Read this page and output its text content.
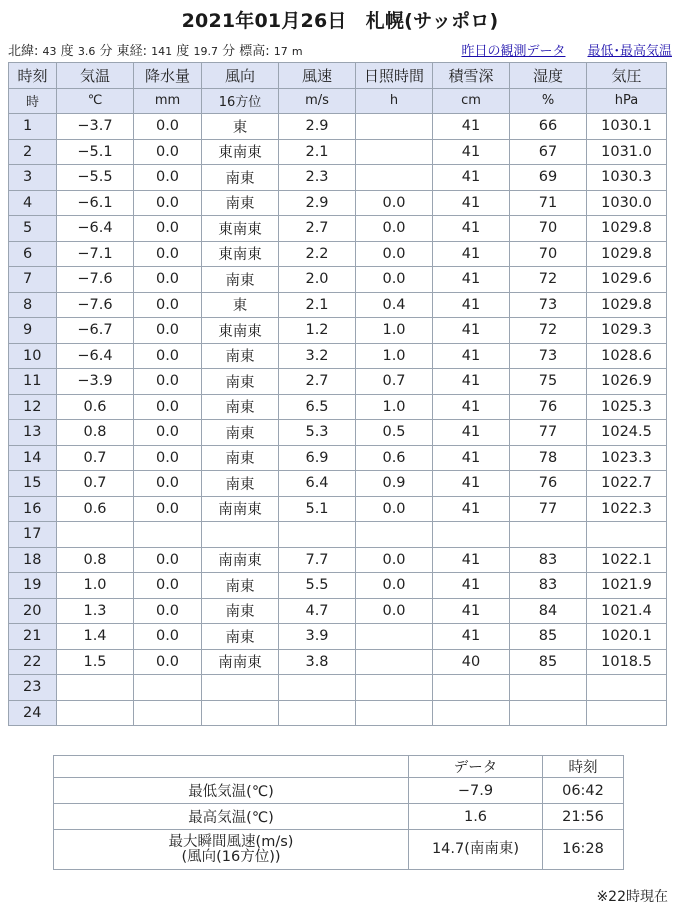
2021年01月26日　札幌(サッポロ)
北緯: 43 度 3.6 分 東経: 141 度 19.7 分 標高: 17 m	昨日の観測データ 最低･最高気温
時刻	気温	降水量	風向	風速	日照時間	積雪深	湿度	気圧
時	℃	mm	16方位	m/s	h	cm	%	hPa
1	−3.7	0.0	東	2.9		41	66	1030.1
2	−5.1	0.0	東南東	2.1		41	67	1031.0
3	−5.5	0.0	南東	2.3		41	69	1030.3
4	−6.1	0.0	南東	2.9	0.0	41	71	1030.0
5	−6.4	0.0	東南東	2.7	0.0	41	70	1029.8
6	−7.1	0.0	東南東	2.2	0.0	41	70	1029.8
7	−7.6	0.0	南東	2.0	0.0	41	72	1029.6
8	−7.6	0.0	東	2.1	0.4	41	73	1029.8
9	−6.7	0.0	東南東	1.2	1.0	41	72	1029.3
10	−6.4	0.0	南東	3.2	1.0	41	73	1028.6
11	−3.9	0.0	南東	2.7	0.7	41	75	1026.9
12	0.6	0.0	南東	6.5	1.0	41	76	1025.3
13	0.8	0.0	南東	5.3	0.5	41	77	1024.5
14	0.7	0.0	南東	6.9	0.6	41	78	1023.3
15	0.7	0.0	南東	6.4	0.9	41	76	1022.7
16	0.6	0.0	南南東	5.1	0.0	41	77	1022.3
17								
18	0.8	0.0	南南東	7.7	0.0	41	83	1022.1
19	1.0	0.0	南東	5.5	0.0	41	83	1021.9
20	1.3	0.0	南東	4.7	0.0	41	84	1021.4
21	1.4	0.0	南東	3.9		41	85	1020.1
22	1.5	0.0	南南東	3.8		40	85	1018.5
23								
24								
	データ	時刻
最低気温(℃)	−7.9	06:42
最高気温(℃)	1.6	21:56
最大瞬間風速(m/s)
(風向(16方位))	14.7(南南東)	16:28
※22時現在
